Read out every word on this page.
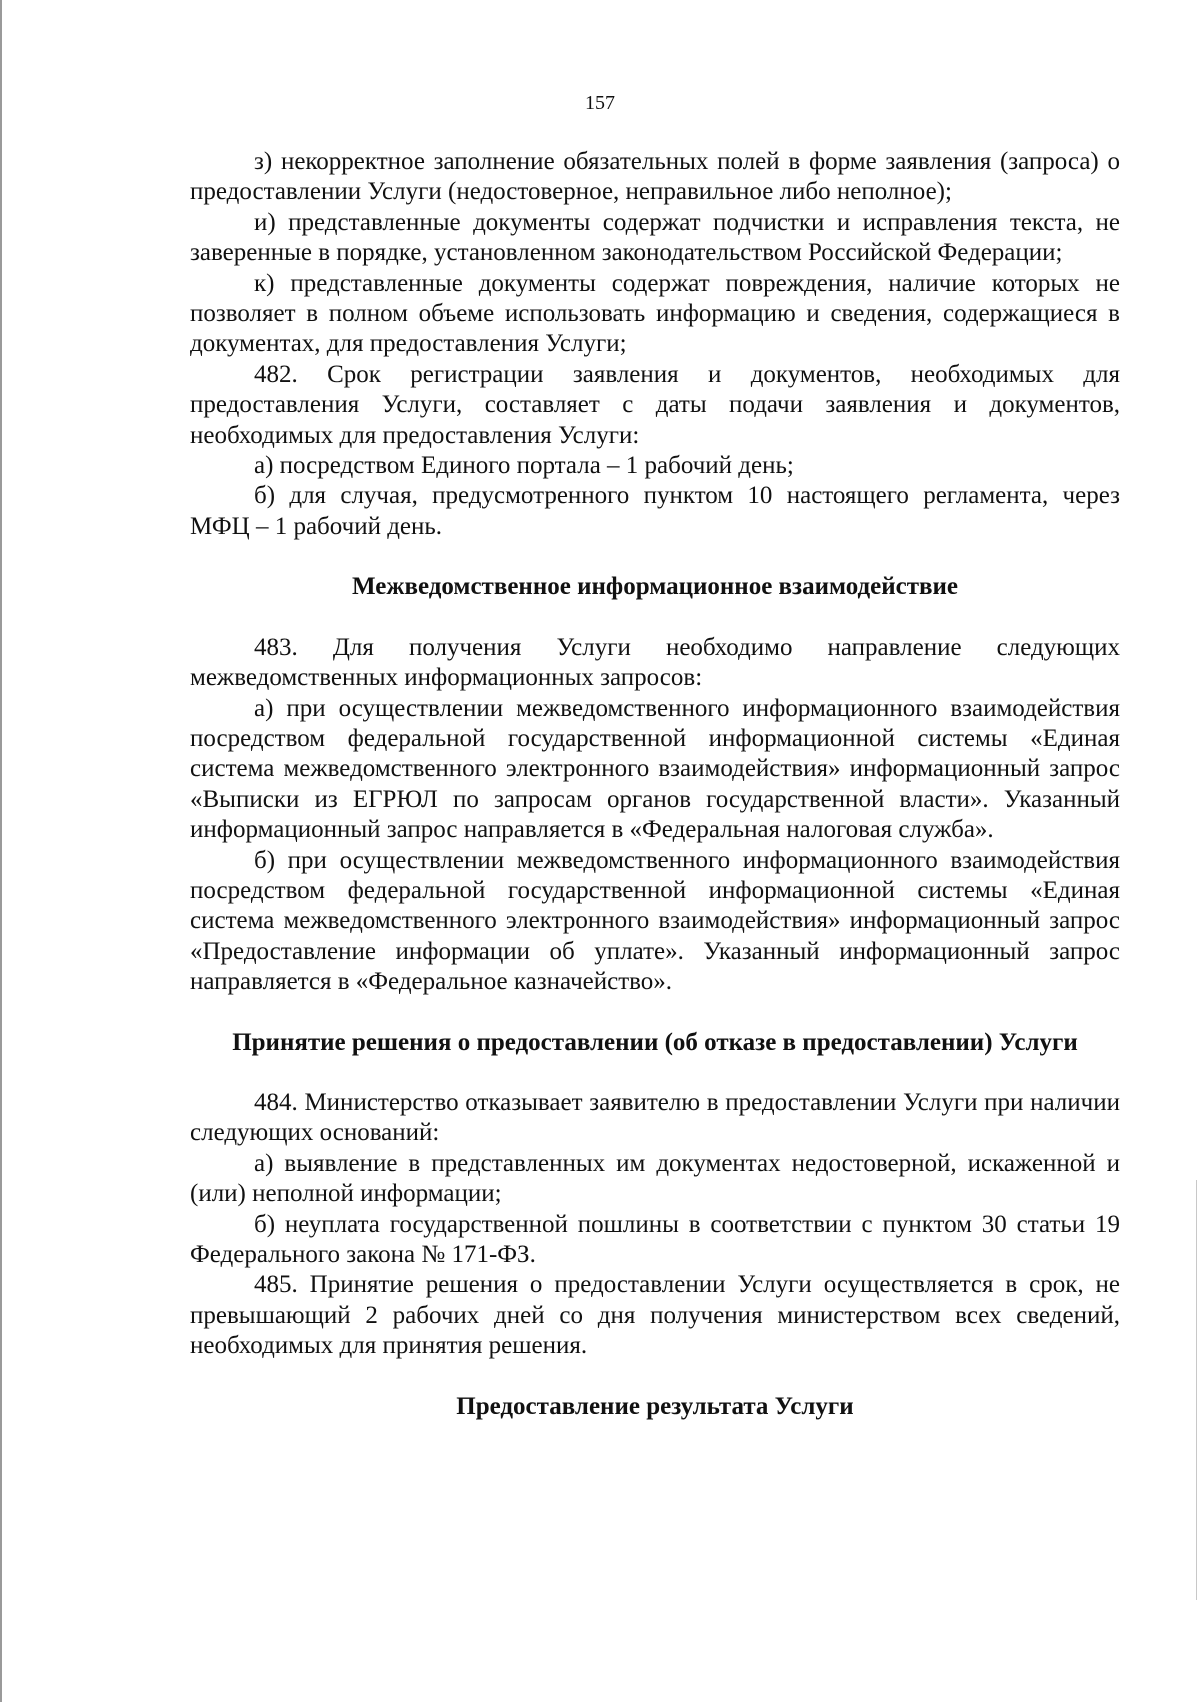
157

з) некорректное заполнение обязательных полей в форме заявления (запроса) о предоставлении Услуги (недостоверное, неправильное либо неполное);

и) представленные документы содержат подчистки и исправления текста, не заверенные в порядке, установленном законодательством Российской Федерации;

к) представленные документы содержат повреждения, наличие которых не позволяет в полном объеме использовать информацию и сведения, содержащиеся в документах, для предоставления Услуги;

482. Срок регистрации заявления и документов, необходимых для предоставления Услуги, составляет с даты подачи заявления и документов, необходимых для предоставления Услуги:

а) посредством Единого портала – 1 рабочий день;

б) для случая, предусмотренного пунктом 10 настоящего регламента, через МФЦ – 1 рабочий день.

Межведомственное информационное взаимодействие

483. Для получения Услуги необходимо направление следующих межведомственных информационных запросов:

а) при осуществлении межведомственного информационного взаимодействия посредством федеральной государственной информационной системы «Единая система межведомственного электронного взаимодействия» информационный запрос «Выписки из ЕГРЮЛ по запросам органов государственной власти». Указанный информационный запрос направляется в «Федеральная налоговая служба».

б) при осуществлении межведомственного информационного взаимодействия посредством федеральной государственной информационной системы «Единая система межведомственного электронного взаимодействия» информационный запрос «Предоставление информации об уплате». Указанный информационный запрос направляется в «Федеральное казначейство».

Принятие решения о предоставлении (об отказе в предоставлении) Услуги

484. Министерство отказывает заявителю в предоставлении Услуги при наличии следующих оснований:

а) выявление в представленных им документах недостоверной, искаженной и (или) неполной информации;

б) неуплата государственной пошлины в соответствии с пунктом 30 статьи 19 Федерального закона № 171-ФЗ.

485. Принятие решения о предоставлении Услуги осуществляется в срок, не превышающий 2 рабочих дней со дня получения министерством всех сведений, необходимых для принятия решения.

Предоставление результата Услуги
